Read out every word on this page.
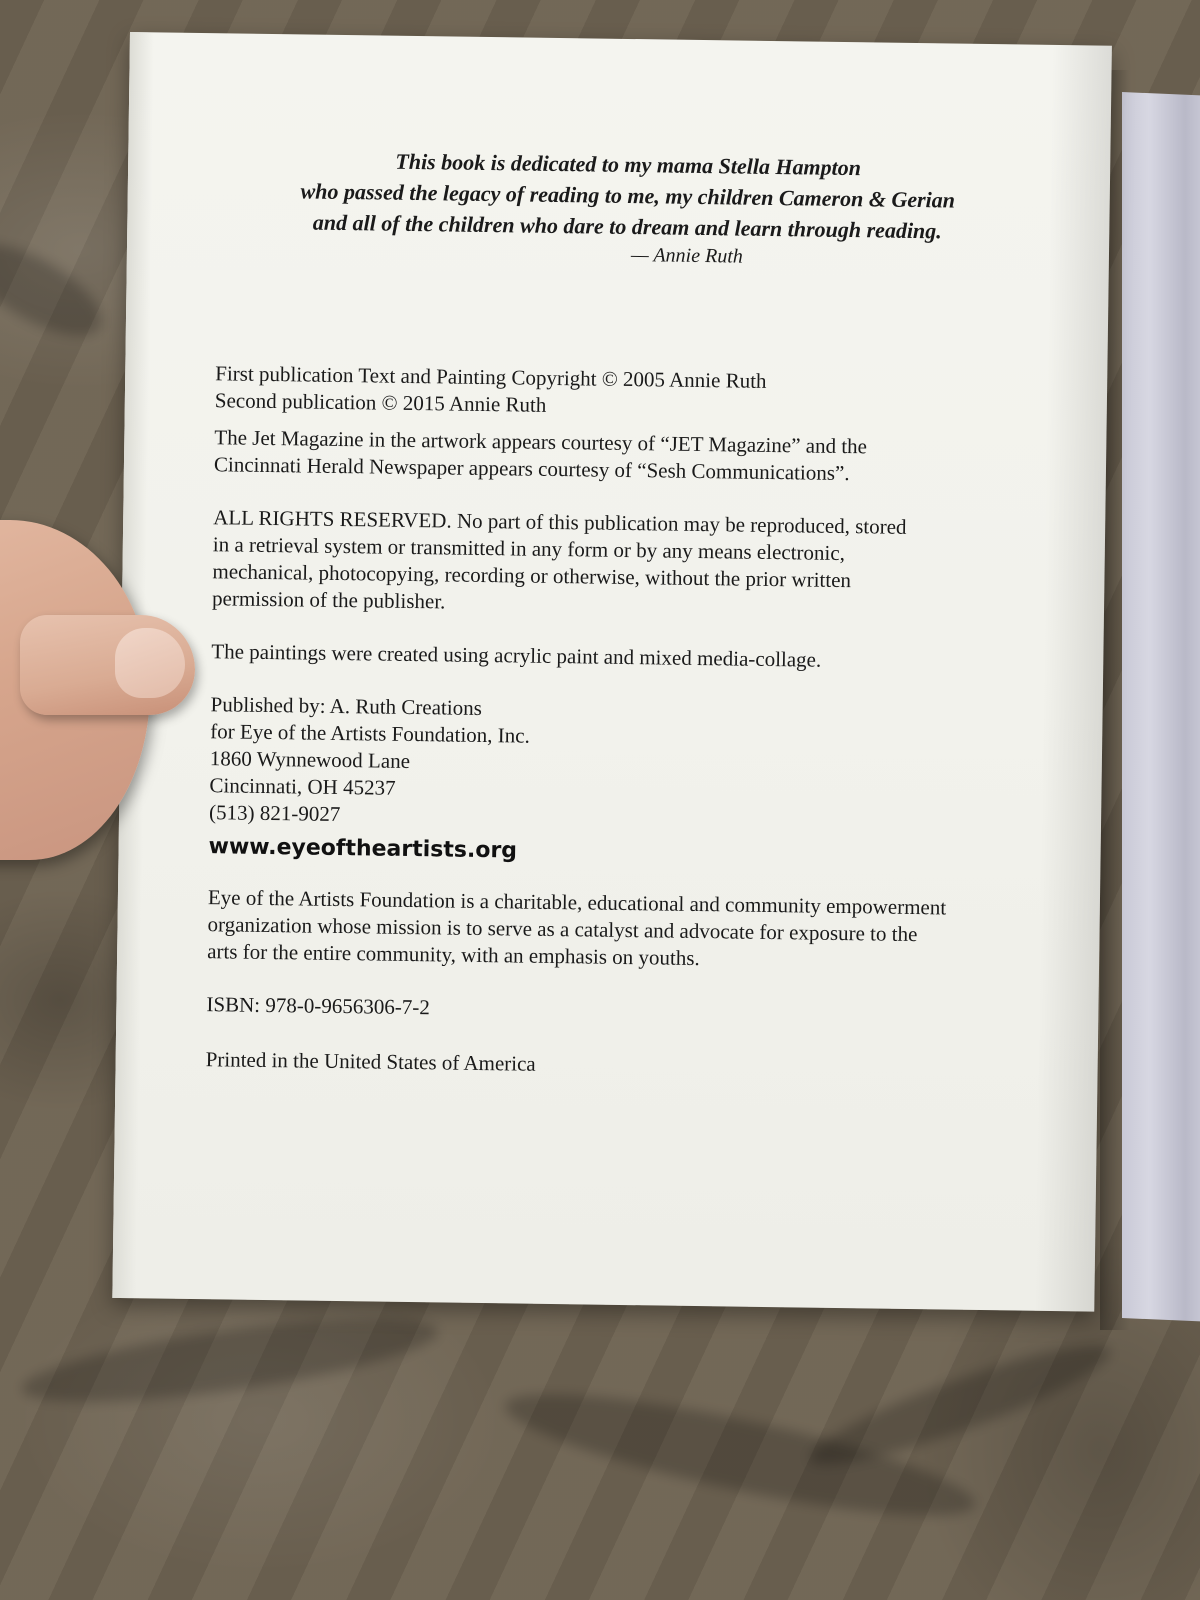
This book is dedicated to my mama Stella Hampton
who passed the legacy of reading to me, my children Cameron & Gerian
and all of the children who dare to dream and learn through reading.

— Annie Ruth

First publication Text and Painting Copyright © 2005 Annie Ruth
Second publication © 2015 Annie Ruth

The Jet Magazine in the artwork appears courtesy of “JET Magazine” and the
Cincinnati Herald Newspaper appears courtesy of “Sesh Communications”.

ALL RIGHTS RESERVED. No part of this publication may be reproduced, stored
in a retrieval system or transmitted in any form or by any means electronic,
mechanical, photocopying, recording or otherwise, without the prior written
permission of the publisher.

The paintings were created using acrylic paint and mixed media-collage.

Published by: A. Ruth Creations
for Eye of the Artists Foundation, Inc.
1860 Wynnewood Lane
Cincinnati, OH 45237
(513) 821-9027

www.eyeoftheartists.org

Eye of the Artists Foundation is a charitable, educational and community empowerment
organization whose mission is to serve as a catalyst and advocate for exposure to the
arts for the entire community, with an emphasis on youths.

ISBN: 978-0-9656306-7-2

Printed in the United States of America
